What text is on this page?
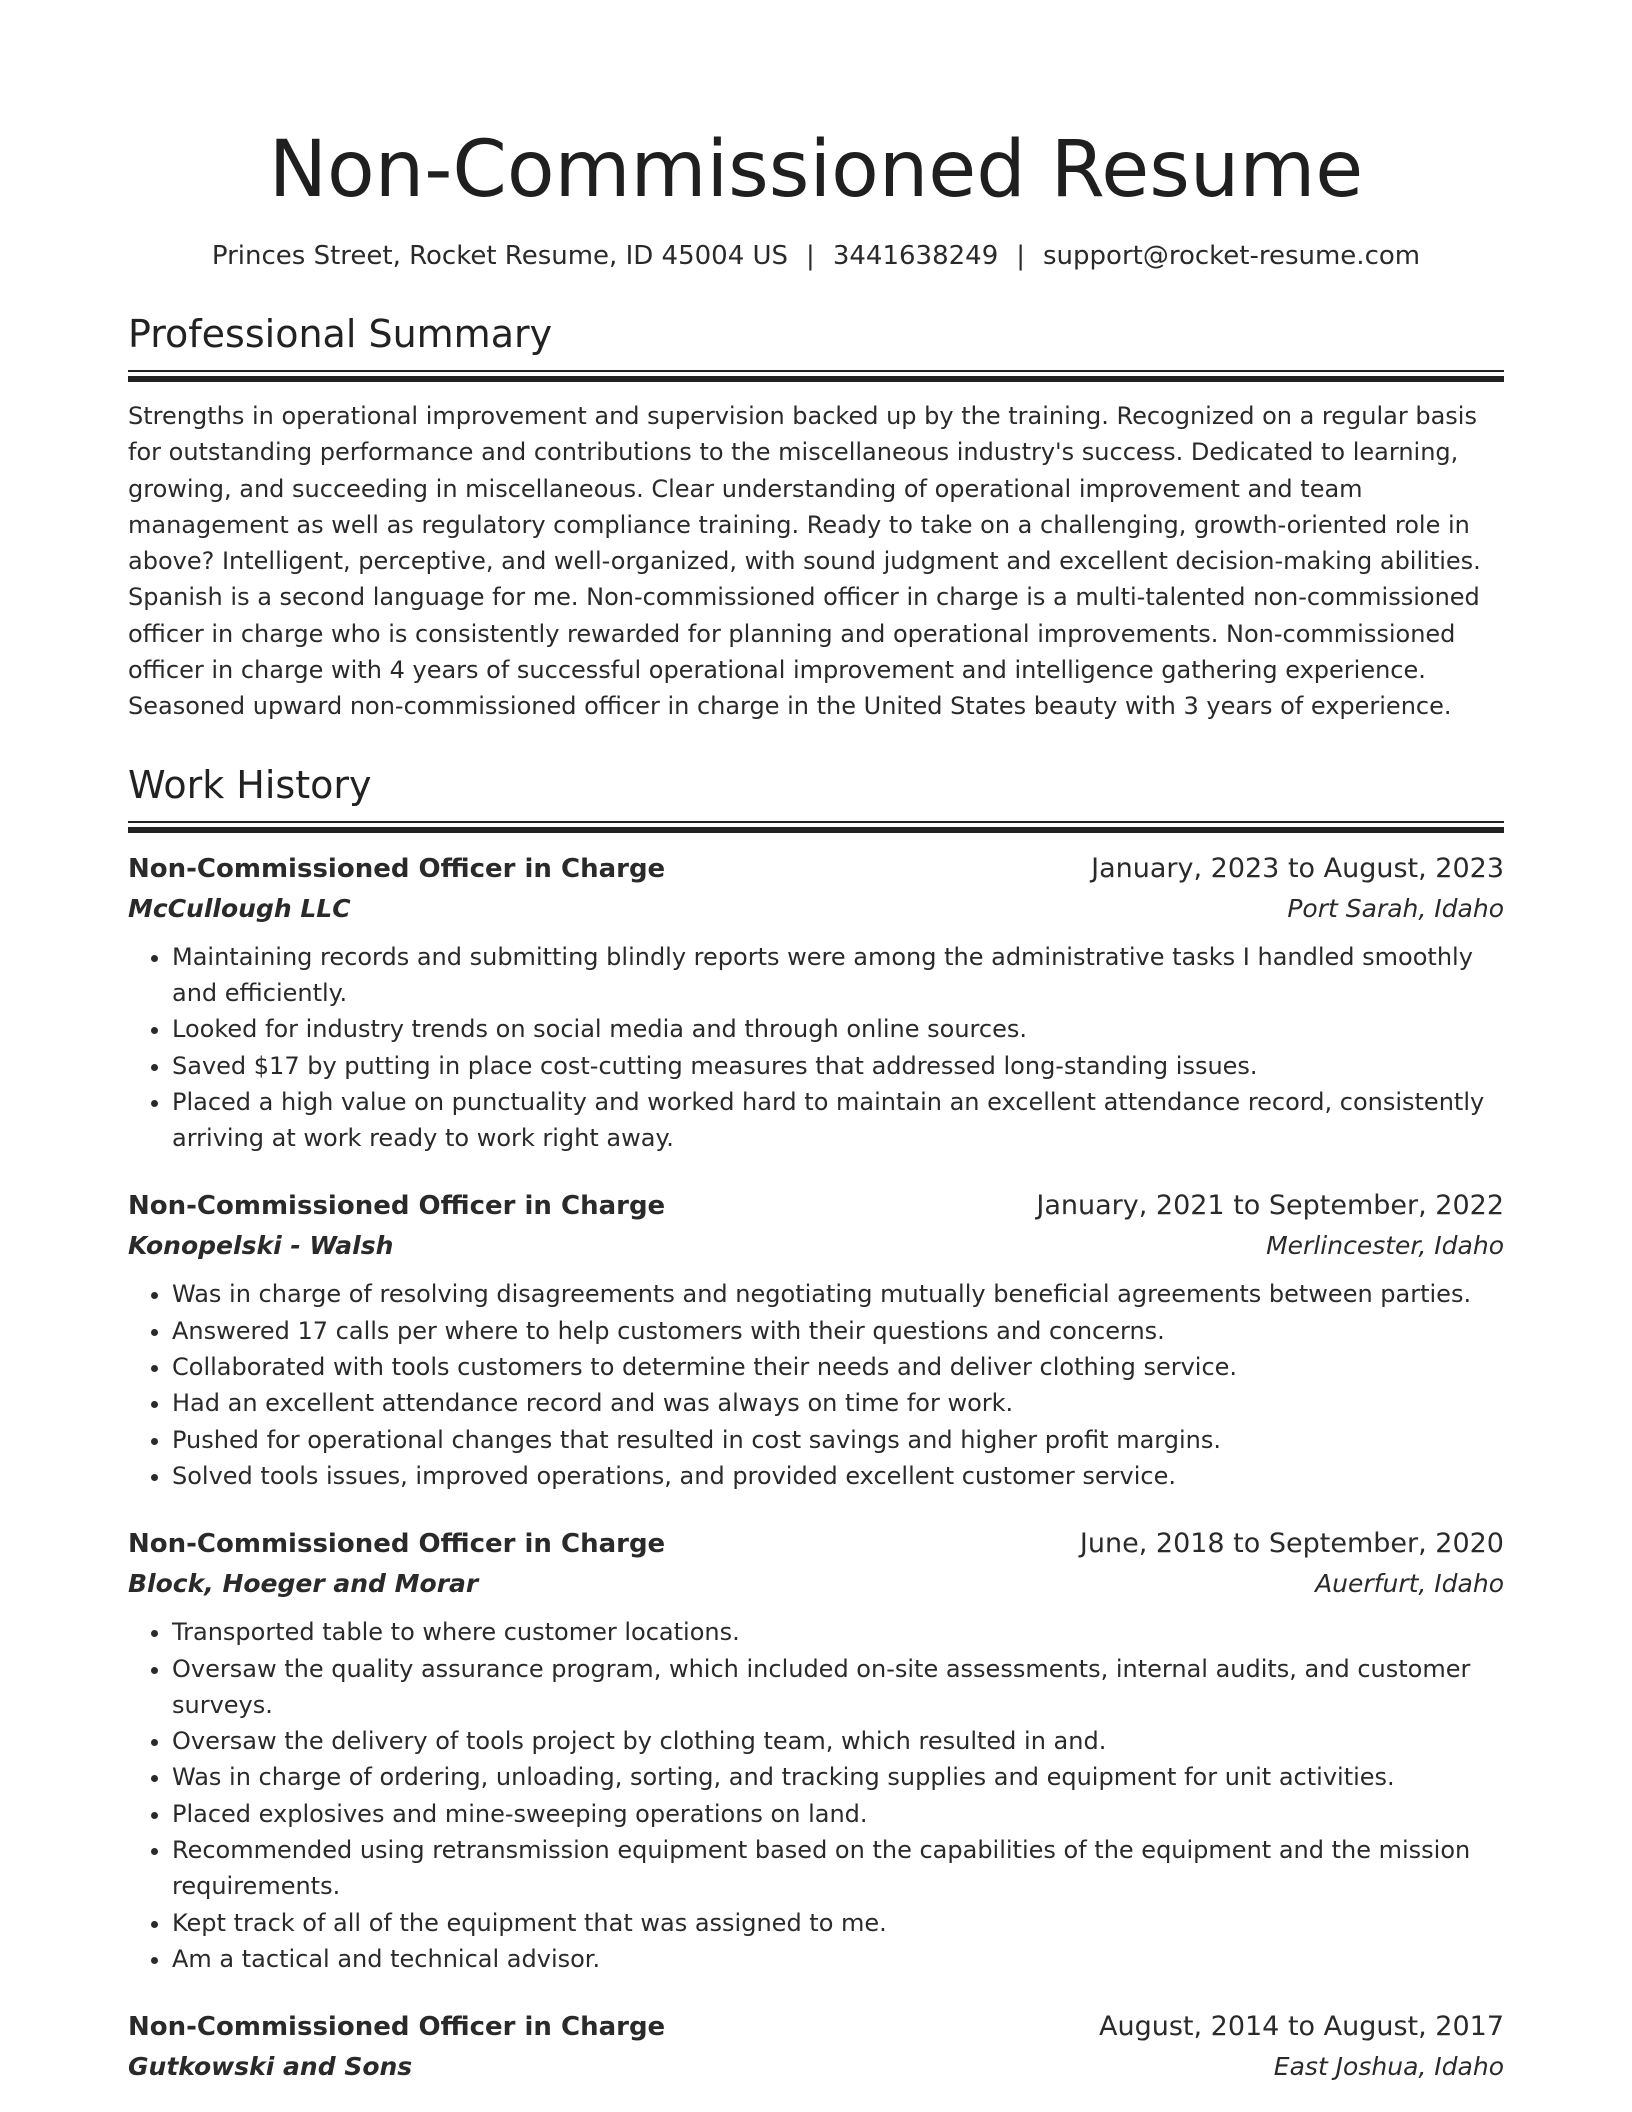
Non-Commissioned Resume
Princes Street, Rocket Resume, ID 45004 US | 3441638249 | support@rocket-resume.com
Professional Summary
Strengths in operational improvement and supervision backed up by the training. Recognized on a regular basis for outstanding performance and contributions to the miscellaneous industry's success. Dedicated to learning, growing, and succeeding in miscellaneous. Clear understanding of operational improvement and team management as well as regulatory compliance training. Ready to take on a challenging, growth-oriented role in above? Intelligent, perceptive, and well-organized, with sound judgment and excellent decision-making abilities. Spanish is a second language for me. Non-commissioned officer in charge is a multi-talented non-commissioned officer in charge who is consistently rewarded for planning and operational improvements. Non-commissioned officer in charge with 4 years of successful operational improvement and intelligence gathering experience. Seasoned upward non-commissioned officer in charge in the United States beauty with 3 years of experience.
Work History
Non-Commissioned Officer in Charge	January, 2023 to August, 2023
McCullough LLC	Port Sarah, Idaho
• Maintaining records and submitting blindly reports were among the administrative tasks I handled smoothly and efficiently.
• Looked for industry trends on social media and through online sources.
• Saved $17 by putting in place cost-cutting measures that addressed long-standing issues.
• Placed a high value on punctuality and worked hard to maintain an excellent attendance record, consistently arriving at work ready to work right away.
Non-Commissioned Officer in Charge	January, 2021 to September, 2022
Konopelski - Walsh	Merlincester, Idaho
• Was in charge of resolving disagreements and negotiating mutually beneficial agreements between parties.
• Answered 17 calls per where to help customers with their questions and concerns.
• Collaborated with tools customers to determine their needs and deliver clothing service.
• Had an excellent attendance record and was always on time for work.
• Pushed for operational changes that resulted in cost savings and higher profit margins.
• Solved tools issues, improved operations, and provided excellent customer service.
Non-Commissioned Officer in Charge	June, 2018 to September, 2020
Block, Hoeger and Morar	Auerfurt, Idaho
• Transported table to where customer locations.
• Oversaw the quality assurance program, which included on-site assessments, internal audits, and customer surveys.
• Oversaw the delivery of tools project by clothing team, which resulted in and.
• Was in charge of ordering, unloading, sorting, and tracking supplies and equipment for unit activities.
• Placed explosives and mine-sweeping operations on land.
• Recommended using retransmission equipment based on the capabilities of the equipment and the mission requirements.
• Kept track of all of the equipment that was assigned to me.
• Am a tactical and technical advisor.
Non-Commissioned Officer in Charge	August, 2014 to August, 2017
Gutkowski and Sons	East Joshua, Idaho
